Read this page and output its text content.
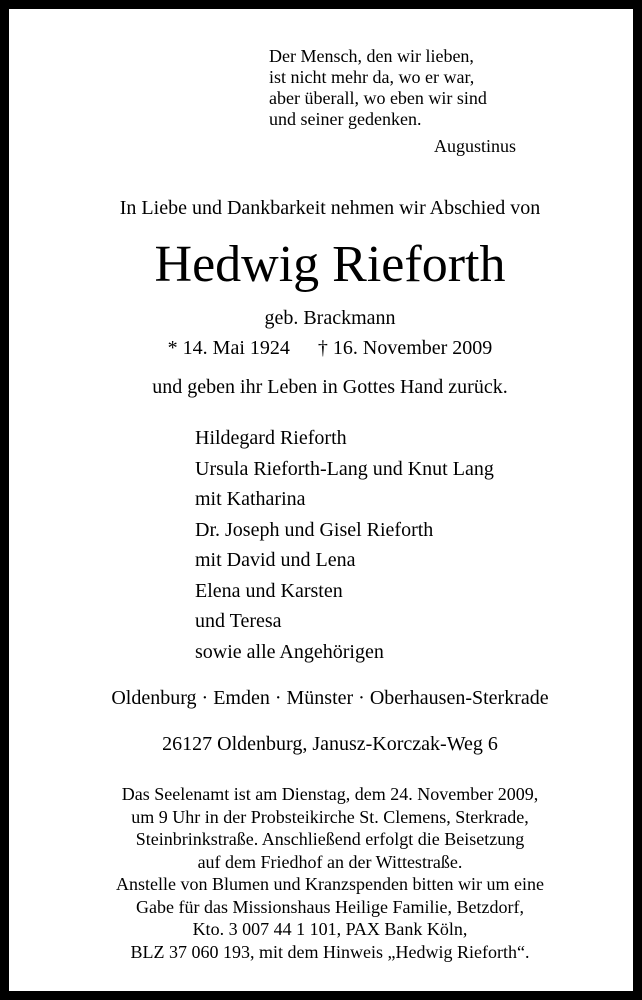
Der Mensch, den wir lieben,
ist nicht mehr da, wo er war,
aber überall, wo eben wir sind
und seiner gedenken.
Augustinus
In Liebe und Dankbarkeit nehmen wir Abschied von
Hedwig Rieforth
geb. Brackmann
* 14. Mai 1924 † 16. November 2009
und geben ihr Leben in Gottes Hand zurück.
Hildegard Rieforth
Ursula Rieforth-Lang und Knut Lang
mit Katharina
Dr. Joseph und Gisel Rieforth
mit David und Lena
Elena und Karsten
und Teresa
sowie alle Angehörigen
Oldenburg · Emden · Münster · Oberhausen-Sterkrade
26127 Oldenburg, Janusz-Korczak-Weg 6
Das Seelenamt ist am Dienstag, dem 24. November 2009,
um 9 Uhr in der Probsteikirche St. Clemens, Sterkrade,
Steinbrinkstraße. Anschließend erfolgt die Beisetzung
auf dem Friedhof an der Wittestraße.
Anstelle von Blumen und Kranzspenden bitten wir um eine
Gabe für das Missionshaus Heilige Familie, Betzdorf,
Kto. 3 007 44 1 101, PAX Bank Köln,
BLZ 37 060 193, mit dem Hinweis „Hedwig Rieforth“.
